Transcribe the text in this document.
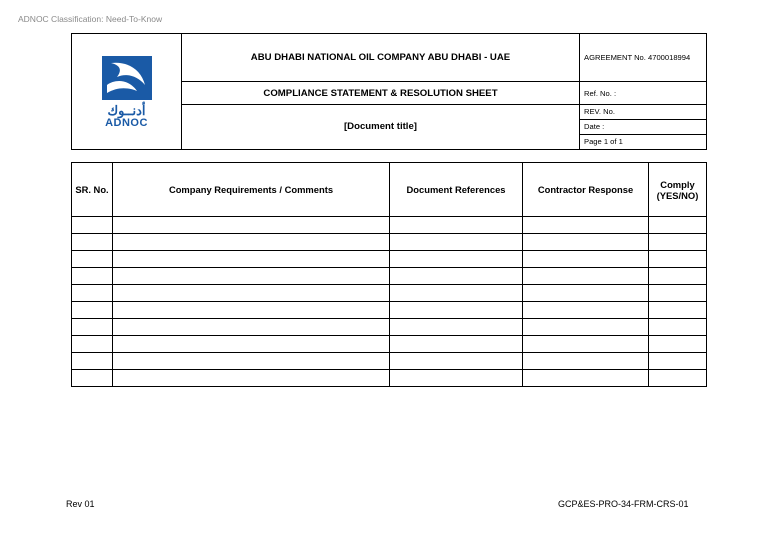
ADNOC Classification: Need-To-Know
أدنــوك
ADNOC	ABU DHABI NATIONAL OIL COMPANY ABU DHABI - UAE	AGREEMENT No. 4700018994
	COMPLIANCE STATEMENT & RESOLUTION SHEET	Ref. No. :
	[Document title]	REV. No.
		Date :
		Page 1 of 1
SR. No.	Company Requirements / Comments	Document References	Contractor Response	Comply (YES/NO)

Rev 01	GCP&ES-PRO-34-FRM-CRS-01
